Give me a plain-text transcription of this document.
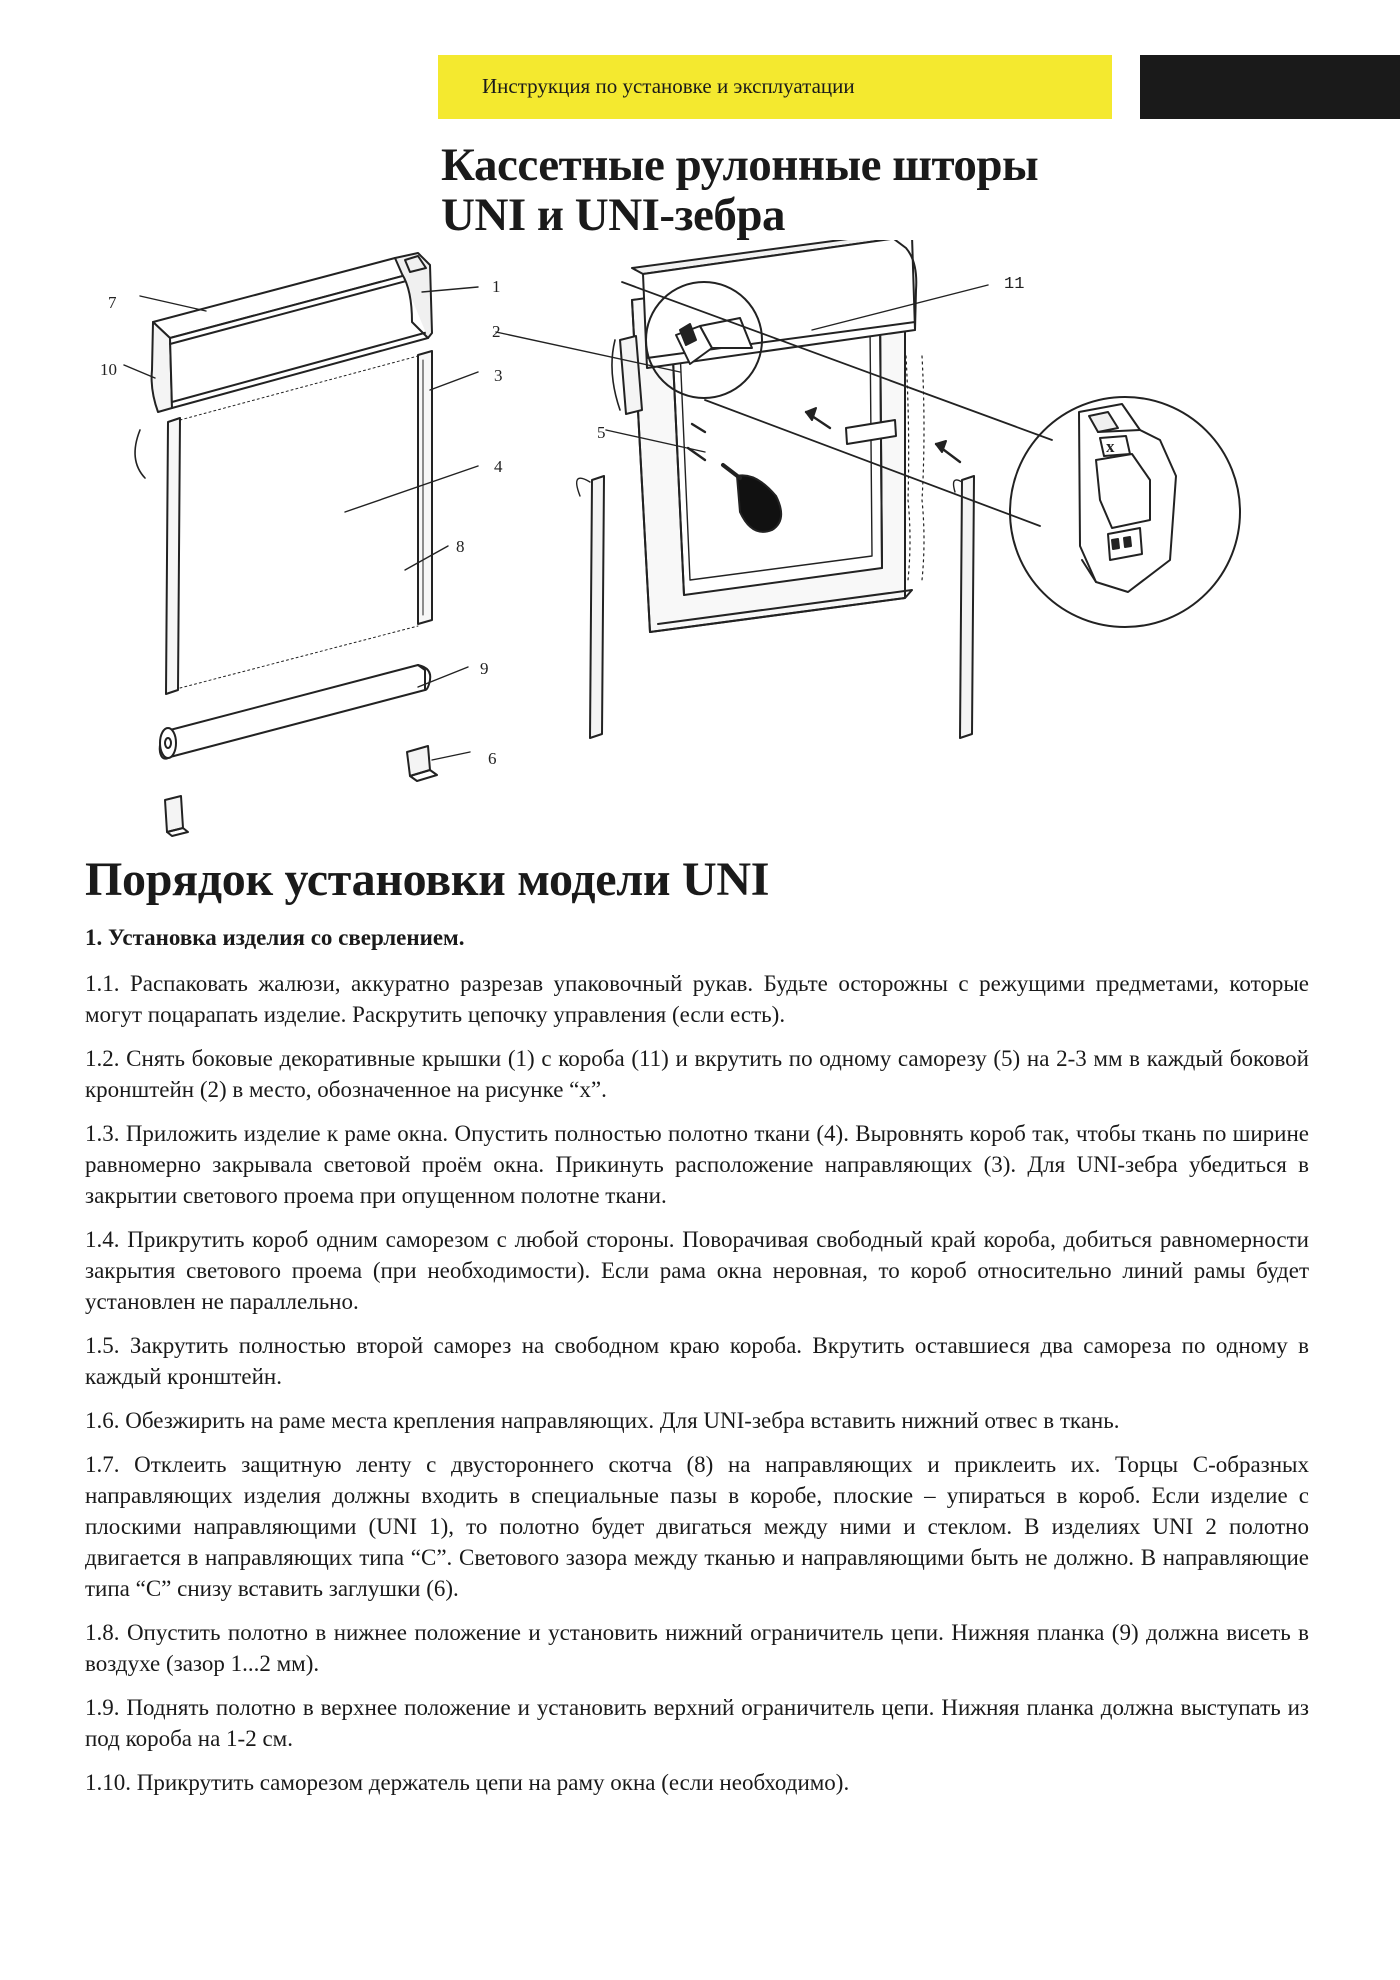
Инструкция по установке и эксплуатации
Кассетные рулонные шторы
UNI и UNI-зебра
7
10
1
2
3
4
8
9
6
11
5
x
Порядок установки модели UNI
1. Установка изделия со сверлением.

1.1. Распаковать жалюзи, аккуратно разрезав упаковочный рукав. Будьте осторожны с режущими предметами, которые могут поцарапать изделие. Раскрутить цепочку управления (если есть).

1.2. Снять боковые декоративные крышки (1) с короба (11) и вкрутить по одному саморезу (5) на 2-3 мм в каждый боковой кронштейн (2) в место, обозначенное на рисунке “x”.

1.3. Приложить изделие к раме окна. Опустить полностью полотно ткани (4). Выровнять короб так, чтобы ткань по ширине равномерно закрывала световой проём окна. Прикинуть расположение направляющих (3). Для UNI-зебра убедиться в закрытии светового проема при опущенном полотне ткани.

1.4. Прикрутить короб одним саморезом с любой стороны. Поворачивая свободный край короба, добиться равномерности закрытия светового проема (при необходимости). Если рама окна неровная, то короб относительно линий рамы будет установлен не параллельно.

1.5. Закрутить полностью второй саморез на свободном краю короба. Вкрутить оставшиеся два самореза по одному в каждый кронштейн.

1.6. Обезжирить на раме места крепления направляющих. Для UNI-зебра вставить нижний отвес в ткань.

1.7. Отклеить защитную ленту с двустороннего скотча (8) на направляющих и приклеить их. Торцы С-образных направляющих изделия должны входить в специальные пазы в коробе, плоские – упираться в короб. Если изделие с плоскими направляющими (UNI 1), то полотно будет двигаться между ними и стеклом. В изделиях UNI 2 полотно двигается в направляющих типа “C”. Светового зазора между тканью и направляющими быть не должно. В направляющие типа “C” снизу вставить заглушки (6).

1.8. Опустить полотно в нижнее положение и установить нижний ограничитель цепи. Нижняя планка (9) должна висеть в воздухе (зазор 1...2 мм).

1.9. Поднять полотно в верхнее положение и установить верхний ограничитель цепи. Нижняя планка должна выступать из под короба на 1-2 см.

1.10. Прикрутить саморезом держатель цепи на раму окна (если необходимо).
